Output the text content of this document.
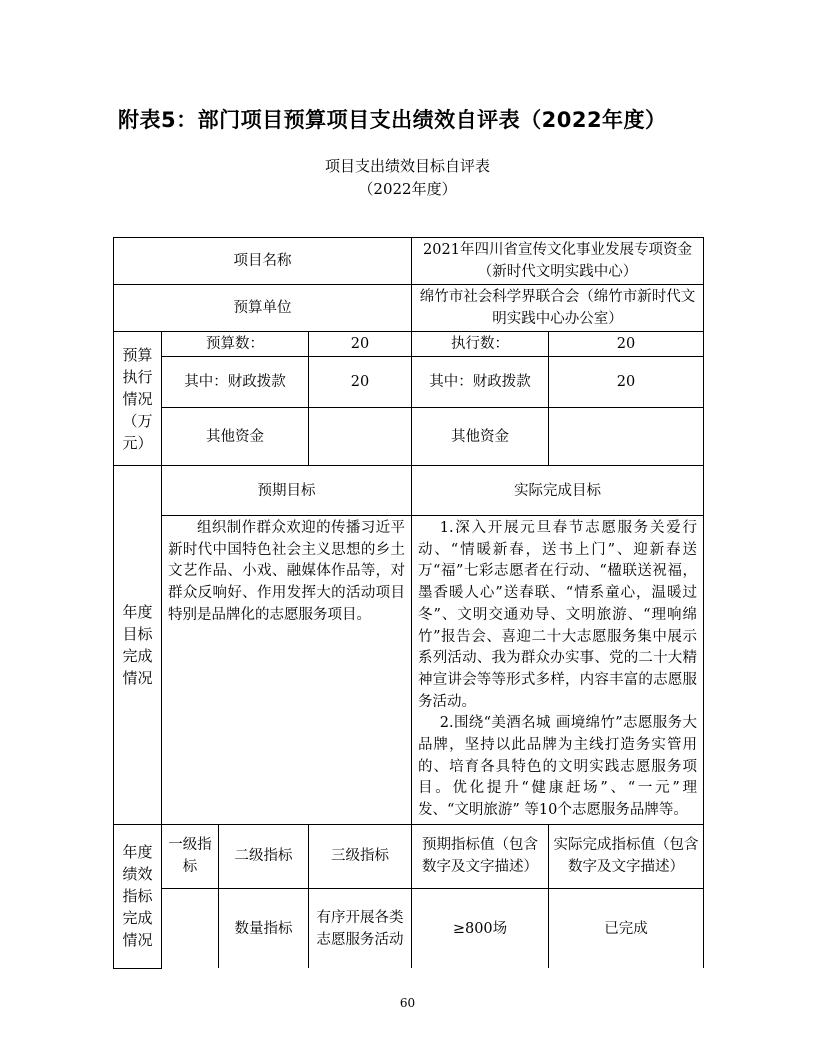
附表5：部门项目预算项目支出绩效自评表（2022年度）
项目支出绩效目标自评表
（2022年度）
项目名称				2021年四川省宣传文化事业发展专项资金（新时代文明实践中心）	
预算单位				绵竹市社会科学界联合会（绵竹市新时代文明实践中心办公室）	
预算执行情况（万元）	预算数：		20	执行数：	20
	其中：财政拨款		20	其中：财政拨款	20
	其他资金			其他资金	
年度目标完成情况	预期目标			实际完成目标	

	组织制作群众欢迎的传播习近平新时代中国特色社会主义思想的乡土文艺作品、小戏、融媒体作品等，对群众反响好、作用发挥大的活动项目特别是品牌化的志愿服务项目。			1.深入开展元旦春节志愿服务关爱行动、“情暖新春，送书上门”、迎新春送万“福”七彩志愿者在行动、“楹联送祝福，墨香暖人心”送春联、“情系童心，温暖过冬”、文明交通劝导、文明旅游、“理响绵竹”报告会、喜迎二十大志愿服务集中展示系列活动、我为群众办实事、党的二十大精神宣讲会等等形式多样，内容丰富的志愿服务活动。

2.围绕“美酒名城 画境绵竹”志愿服务大品牌，坚持以此品牌为主线打造务实管用的、培育各具特色的文明实践志愿服务项目。优化提升“健康赶场”、“一元”理发、“文明旅游” 等10个志愿服务品牌等。	

年度绩效指标完成情况	一级指标	二级指标	三级指标	预期指标值（包含数字及文字描述）	实际完成指标值（包含数字及文字描述）
		数量指标	有序开展各类志愿服务活动	≥800场	已完成
60
